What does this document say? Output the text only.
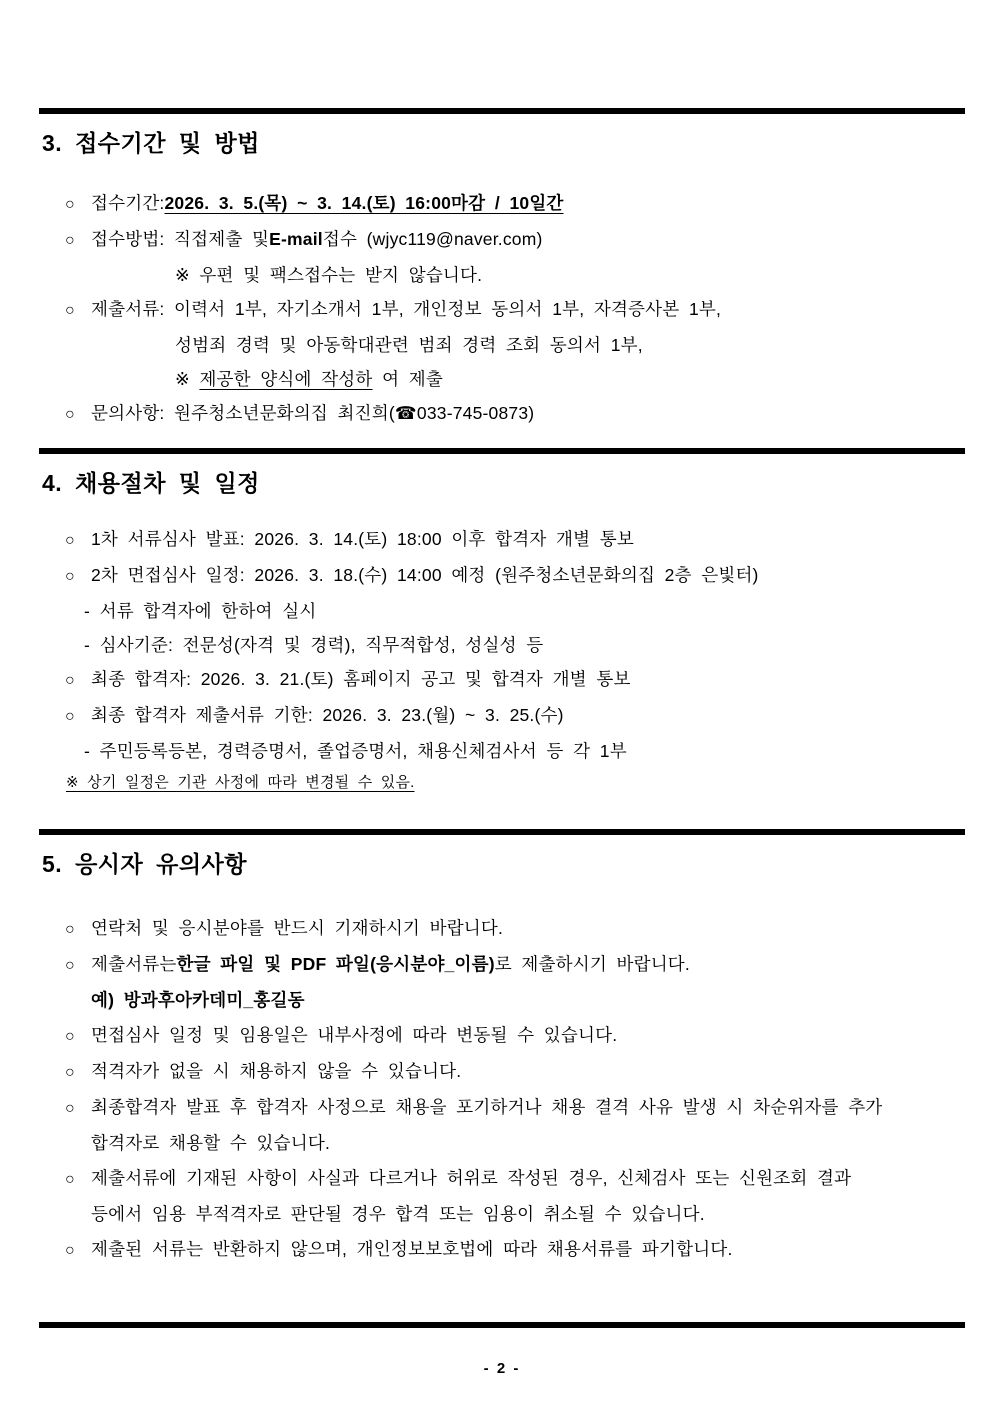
3. 접수기간 및 방법
○ 접수기간: 2026. 3. 5.(목) ~ 3. 14.(토) 16:00마감 / 10일간
○ 접수방법: 직접제출 및 E-mail 접수 (wjyc119@naver.com)
※ 우편 및 팩스접수는 받지 않습니다.
○ 제출서류: 이력서 1부, 자기소개서 1부, 개인정보 동의서 1부, 자격증사본 1부,
성범죄 경력 및 아동학대관련 범죄 경력 조회 동의서 1부,
※ 제공한 양식에 작성하 여 제출
○ 문의사항: 원주청소년문화의집 최진희(☎033-745-0873)
4. 채용절차 및 일정
○ 1차 서류심사 발표: 2026. 3. 14.(토) 18:00 이후 합격자 개별 통보
○ 2차 면접심사 일정: 2026. 3. 18.(수) 14:00 예정 (원주청소년문화의집 2층 은빛터)
- 서류 합격자에 한하여 실시
- 심사기준: 전문성(자격 및 경력), 직무적합성, 성실성 등
○ 최종 합격자: 2026. 3. 21.(토) 홈페이지 공고 및 합격자 개별 통보
○ 최종 합격자 제출서류 기한: 2026. 3. 23.(월) ~ 3. 25.(수)
- 주민등록등본, 경력증명서, 졸업증명서, 채용신체검사서 등 각 1부
※ 상기 일정은 기관 사정에 따라 변경될 수 있음.
5. 응시자 유의사항
○ 연락처 및 응시분야를 반드시 기재하시기 바랍니다.
○ 제출서류는 한글 파일 및 PDF 파일(응시분야_이름) 로 제출하시기 바랍니다.
예) 방과후아카데미_홍길동
○ 면접심사 일정 및 임용일은 내부사정에 따라 변동될 수 있습니다.
○ 적격자가 없을 시 채용하지 않을 수 있습니다.
○ 최종합격자 발표 후 합격자 사정으로 채용을 포기하거나 채용 결격 사유 발생 시 차순위자를 추가
합격자로 채용할 수 있습니다.
○ 제출서류에 기재된 사항이 사실과 다르거나 허위로 작성된 경우, 신체검사 또는 신원조회 결과
등에서 임용 부적격자로 판단될 경우 합격 또는 임용이 취소될 수 있습니다.
○ 제출된 서류는 반환하지 않으며, 개인정보보호법에 따라 채용서류를 파기합니다.
- 2 -
